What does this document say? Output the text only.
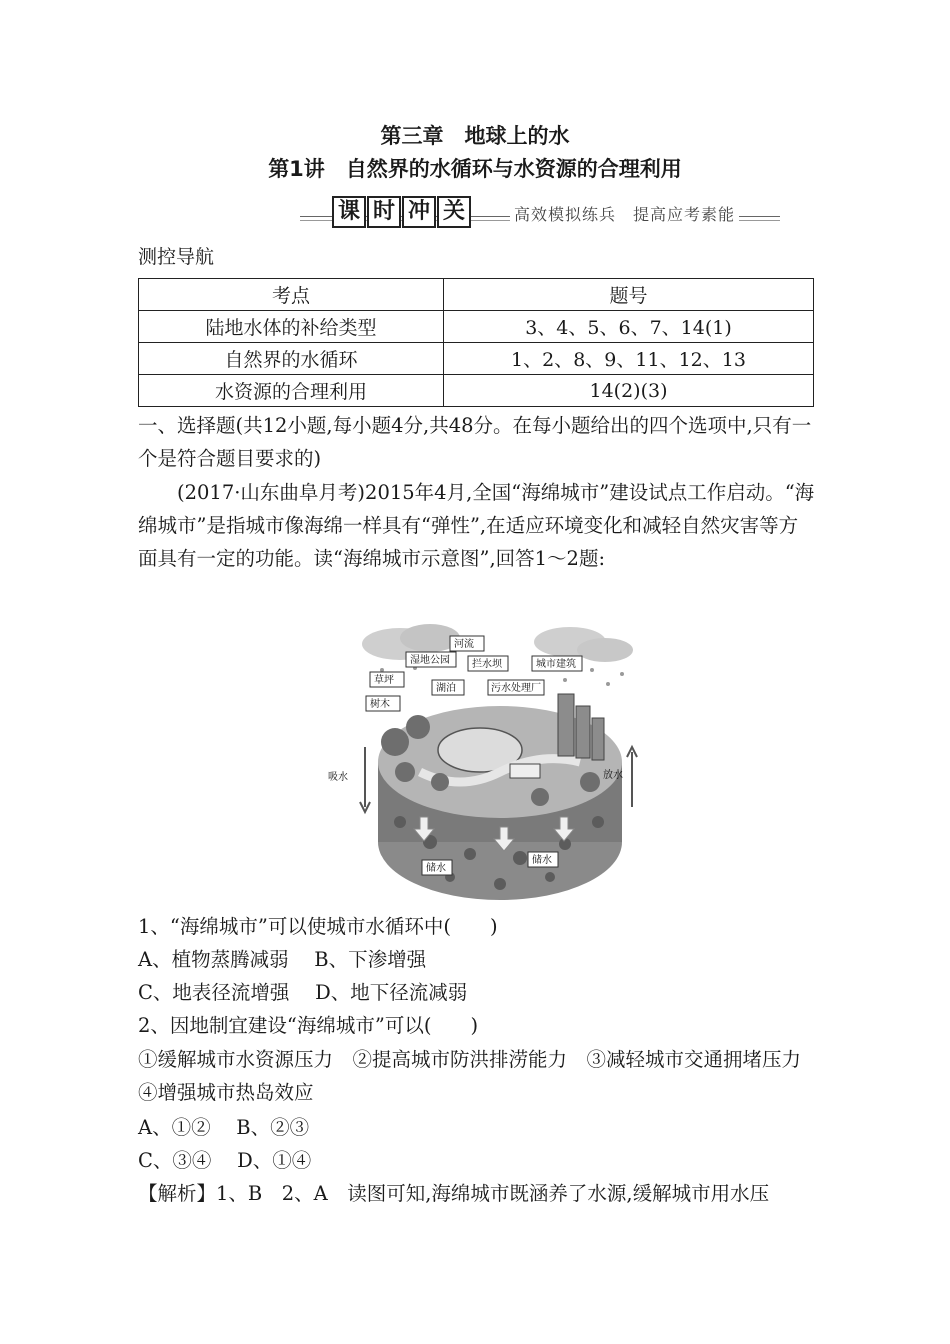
第三章　地球上的水
第1讲　自然界的水循环与水资源的合理利用
课 时 冲 关	高效模拟练兵　提高应考素能
测控导航
考点	题号
陆地水体的补给类型	3、4、5、6、7、14(1)
自然界的水循环	1、2、8、9、11、12、13
水资源的合理利用	14(2)(3)
一、选择题(共12小题,每小题4分,共48分。在每小题给出的四个选项中,只有一个是符合题目要求的)
(2017·山东曲阜月考)2015年4月,全国“海绵城市”建设试点工作启动。“海绵城市”是指城市像海绵一样具有“弹性”,在适应环境变化和减轻自然灾害等方面具有一定的功能。读“海绵城市示意图”,回答1～2题:
河流
湿地公园 拦水坝	城市建筑
草坪
湖泊	污水处理厂
树木
吸水	放水
储水
储水
1、“海绵城市”可以使城市水循环中(　　)
A、植物蒸腾减弱　 B、下渗增强
C、地表径流增强　 D、地下径流减弱
2、因地制宜建设“海绵城市”可以(　　)
①缓解城市水资源压力　②提高城市防洪排涝能力　③减轻城市交通拥堵压力　④增强城市热岛效应
A、①②　 B、②③
C、③④　 D、①④
【解析】1、B　2、A　读图可知,海绵城市既涵养了水源,缓解城市用水压
